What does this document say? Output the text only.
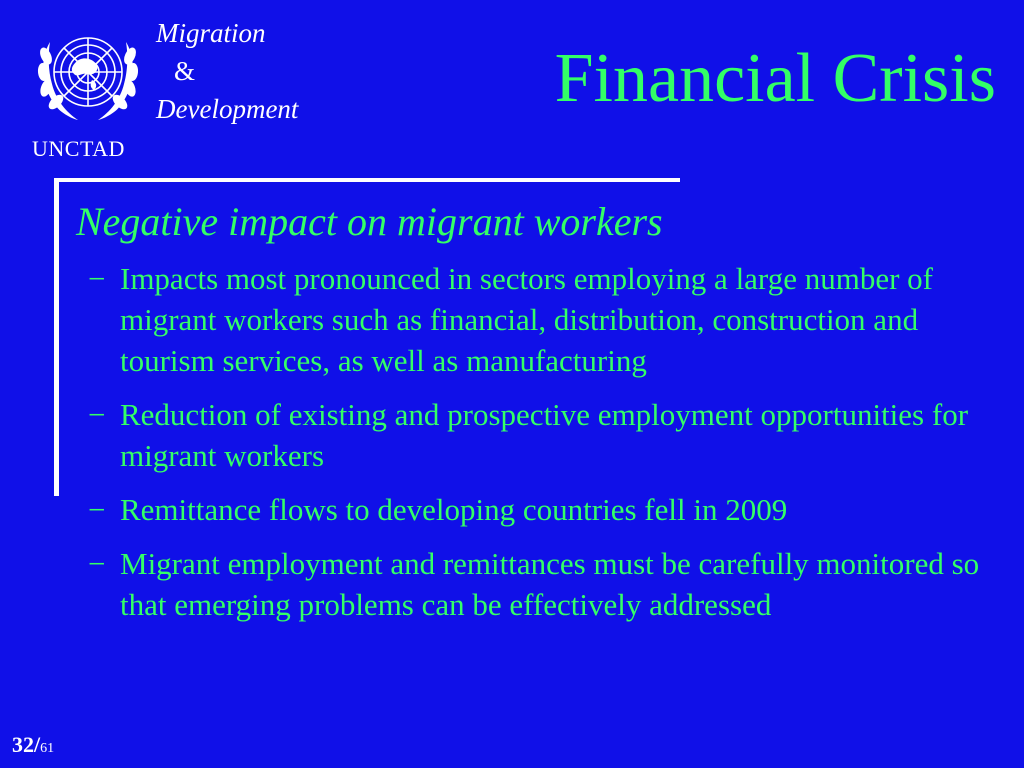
UNCTAD
Migration
&
Development	Financial Crisis
Negative impact on migrant workers
− Impacts most pronounced in sectors employing a large number of migrant workers such as financial, distribution, construction and tourism services, as well as manufacturing
− Reduction of existing and prospective employment opportunities for migrant workers
− Remittance flows to developing countries fell in 2009
− Migrant employment and remittances must be carefully monitored so that emerging problems can be effectively addressed
32/61
